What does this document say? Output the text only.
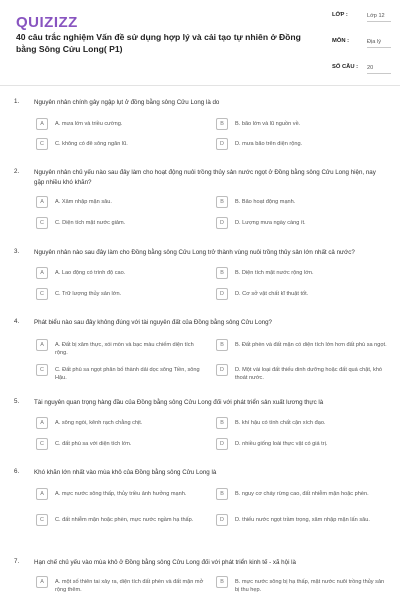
QUIZIZZ
40 câu trắc nghiệm Vấn đề sử dụng hợp lý và cải tạo tự nhiên ở Đồng bằng Sông Cửu Long( P1)
LỚP :	Lớp 12
MÔN :	Địa lý
SỐ CÂU : 20
1. Nguyên nhân chính gây ngập lụt ở đồng bằng sông Cửu Long là do
A	A. mưa lớn và triều cường.	B	B. bão lớn và lũ nguồn về.
C	C. không có đê sông ngăn lũ.	D	D. mưa bão trên diện rộng.
2. Nguyên nhân chủ yếu nào sau đây làm cho hoạt động nuôi trồng thủy sản nước ngọt ở Đồng bằng sông Cửu Long hiện, nay gặp nhiều khó khăn?
A	A. Xâm nhập mặn sâu.	B	B. Bão hoạt động mạnh.
C	C. Diện tích mặt nước giảm.	D	D. Lượng mưa ngày càng ít.
3. Nguyên nhân nào sau đây làm cho Đồng bằng sông Cửu Long trở thành vùng nuôi trồng thủy sản lớn nhất cả nước?
A	A. Lao động có trình độ cao.	B	B. Diện tích mặt nước rộng lớn.
C	C. Trữ lượng thủy sản lớn.	D	D. Cơ sở vật chất kĩ thuật tốt.
4. Phát biểu nào sau đây không đúng với tài nguyên đất của Đồng bằng sông Cửu Long?
A	A. Đất bị xâm thực, xói mòn và bạc màu chiếm diện tích rộng.
B	B. Đất phèn và đất mặn có diện tích lớn hơn đất phù sa ngọt.
C	C. Đất phù sa ngọt phân bố thành dải dọc sông Tiền, sông Hậu.
D	D. Một vài loại đất thiếu dinh dưỡng hoặc đất quá chặt, khó thoát nước.
5. Tài nguyên quan trọng hàng đầu của Đồng bằng sông Cửu Long đối với phát triển sản xuất lương thực là
A	A. sông ngòi, kênh rạch chằng chịt.	B	B. khí hậu có tính chất cận xích đạo.
C	C. đất phù sa với diện tích lớn.	D	D. nhiều giống loài thực vật có giá trị.
6. Khó khăn lớn nhất vào mùa khô của Đồng bằng sông Cửu Long là
A	A. mực nước sông thấp, thủy triều ảnh hưởng mạnh.	B	B. nguy cơ cháy rừng cao, đất nhiễm mặn hoặc phèn.
C	C. đất nhiễm mặn hoặc phèn, mực nước ngầm hạ thấp.	D	D. thiếu nước ngọt trầm trọng, xâm nhập mặn lấn sâu.
7. Hạn chế chủ yếu vào mùa khô ở Đồng bằng sông Cửu Long đối với phát triển kinh tế - xã hội là
A	A. một số thiên tai xảy ra, diện tích đất phèn và đất mặn mở rộng thêm.
B	B. mực nước sông bị hạ thấp, mặt nước nuôi trồng thủy sản bị thu hẹp.
